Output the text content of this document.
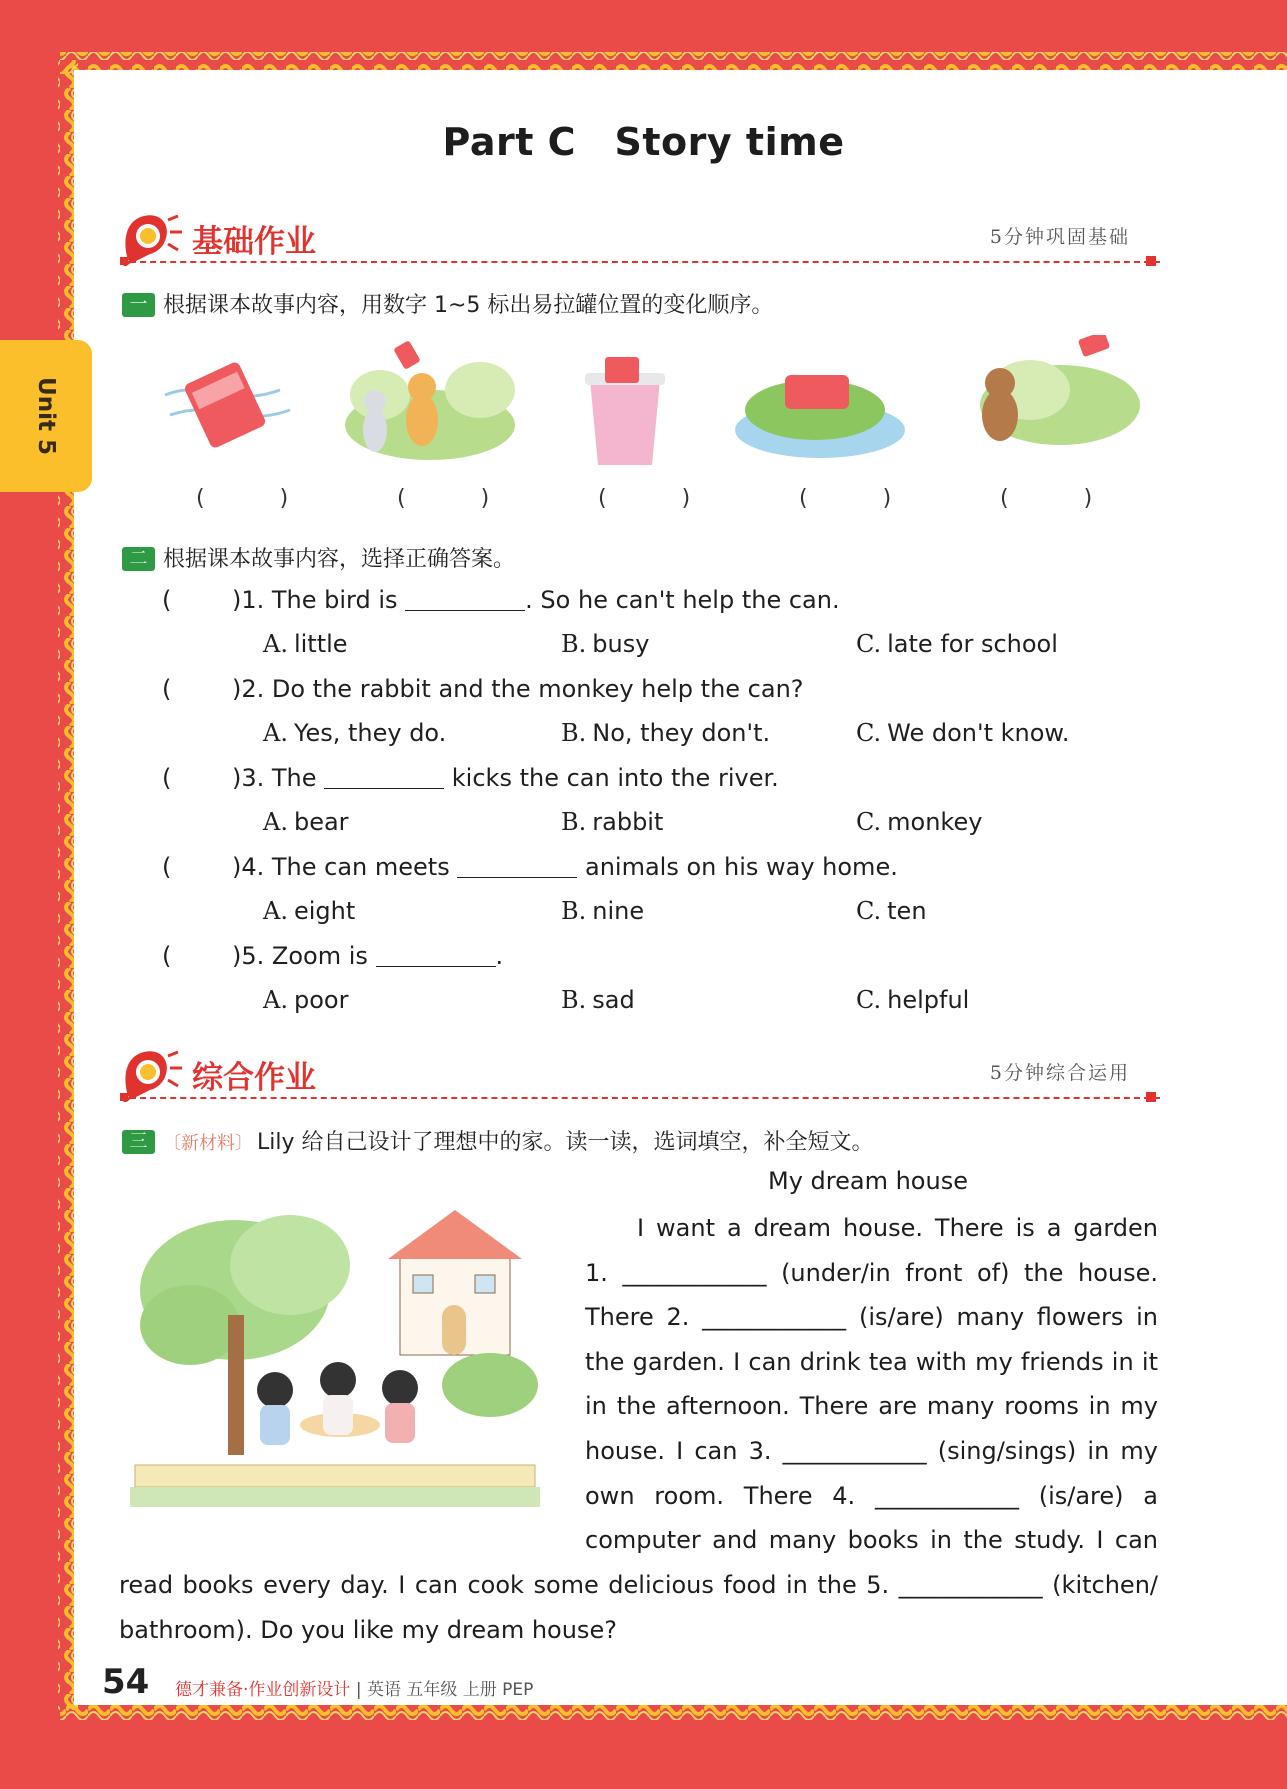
Unit 5
Part C Story time
基础作业	5分钟巩固基础
一 根据课本故事内容，用数字 1~5 标出易拉罐位置的变化顺序。
( )	( )	( )	( )	( )
二 根据课本故事内容，选择正确答案。
(	)1. The bird is	. So he can't help the can.
A. little	B. busy	C. late for school
(	)2. Do the rabbit and the monkey help the can?
A. Yes, they do.	B. No, they don't.	C. We don't know.
(	)3. The	kicks the can into the river.
A. bear	B. rabbit	C. monkey
(	)4. The can meets	animals on his way home.
A. eight	B. nine	C. ten
(	)5. Zoom is	.
A. poor	B. sad	C. helpful
综合作业	5分钟综合运用
三 〔新材料〕 Lily 给自己设计了理想中的家。读一读，选词填空，补全短文。
My dream house
I want a dream house. There is a garden
1. ____________ (under/in front of) the house.
There 2. ____________ (is/are) many flowers in
the garden. I can drink tea with my friends in it
in the afternoon. There are many rooms in my
house. I can 3. ____________ (sing/sings) in my
own room. There 4. ____________ (is/are) a
computer and many books in the study. I can
read books every day. I can cook some delicious food in the 5. ____________ (kitchen/
bathroom). Do you like my dream house?
54 德才兼备·作业创新设计 | 英语 五年级 上册 PEP
